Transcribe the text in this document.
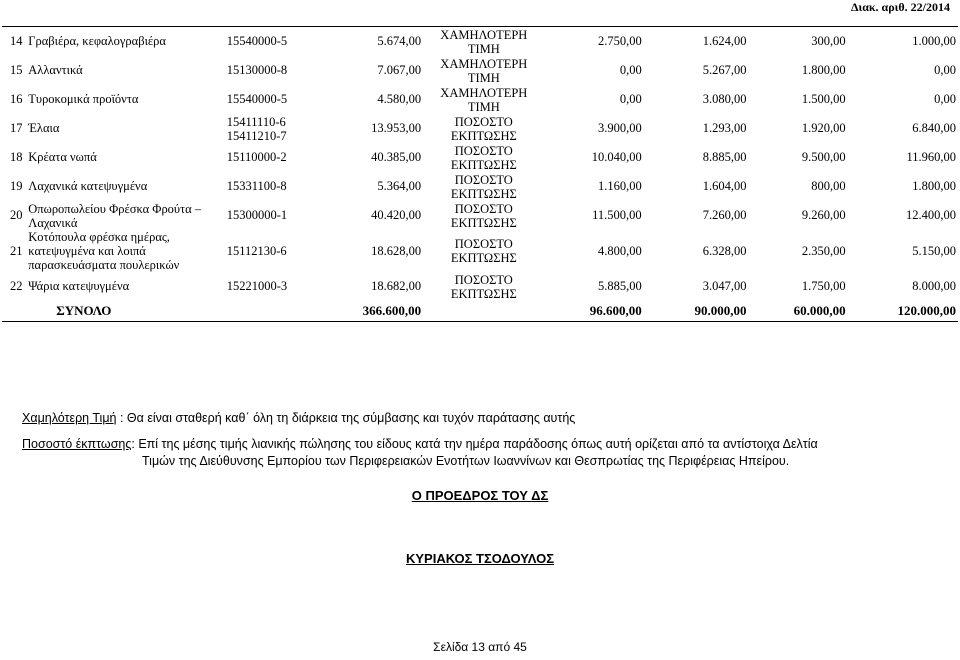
Διακ. αριθ. 22/2014
14	Γραβιέρα, κεφαλογραβιέρα	15540000-5	5.674,00	ΧΑΜΗΛΟΤΕΡΗ ΤΙΜΗ	2.750,00	1.624,00	300,00	1.000,00
15	Αλλαντικά	15130000-8	7.067,00	ΧΑΜΗΛΟΤΕΡΗ ΤΙΜΗ	0,00	5.267,00	1.800,00	0,00
16	Τυροκομικά προϊόντα	15540000-5	4.580,00	ΧΑΜΗΛΟΤΕΡΗ ΤΙΜΗ	0,00	3.080,00	1.500,00	0,00
17	Έλαια	15411110-6 15411210-7	13.953,00	ΠΟΣΟΣΤΟ ΕΚΠΤΩΣΗΣ	3.900,00	1.293,00	1.920,00	6.840,00
18	Κρέατα νωπά	15110000-2	40.385,00	ΠΟΣΟΣΤΟ ΕΚΠΤΩΣΗΣ	10.040,00	8.885,00	9.500,00	11.960,00
19	Λαχανικά κατεψυγμένα	15331100-8	5.364,00	ΠΟΣΟΣΤΟ ΕΚΠΤΩΣΗΣ	1.160,00	1.604,00	800,00	1.800,00
20	Οπωροπωλείου Φρέσκα Φρούτα – Λαχανικά	15300000-1	40.420,00	ΠΟΣΟΣΤΟ ΕΚΠΤΩΣΗΣ	11.500,00	7.260,00	9.260,00	12.400,00
21	Κοτόπουλα φρέσκα ημέρας, κατεψυγμένα και λοιπά παρασκευάσματα πουλερικών	15112130-6	18.628,00	ΠΟΣΟΣΤΟ ΕΚΠΤΩΣΗΣ	4.800,00	6.328,00	2.350,00	5.150,00
22	Ψάρια κατεψυγμένα	15221000-3	18.682,00	ΠΟΣΟΣΤΟ ΕΚΠΤΩΣΗΣ	5.885,00	3.047,00	1.750,00	8.000,00
	ΣΥΝΟΛΟ		366.600,00		96.600,00	90.000,00	60.000,00	120.000,00

Χαμηλότερη Τιμή : Θα είναι σταθερή καθ΄ όλη τη διάρκεια της σύμβασης και τυχόν παράτασης αυτής

Ποσοστό έκπτωσης: Επί της μέσης τιμής λιανικής πώλησης του είδους κατά την ημέρα παράδοσης όπως αυτή ορίζεται από τα αντίστοιχα Δελτία
Τιμών της Διεύθυνσης Εμπορίου των Περιφερειακών Ενοτήτων Ιωαννίνων και Θεσπρωτίας της Περιφέρειας Ηπείρου.

Ο ΠΡΟΕΔΡΟΣ ΤΟΥ ΔΣ
ΚΥΡΙΑΚΟΣ ΤΣΟΔΟΥΛΟΣ
Σελίδα 13 από 45
